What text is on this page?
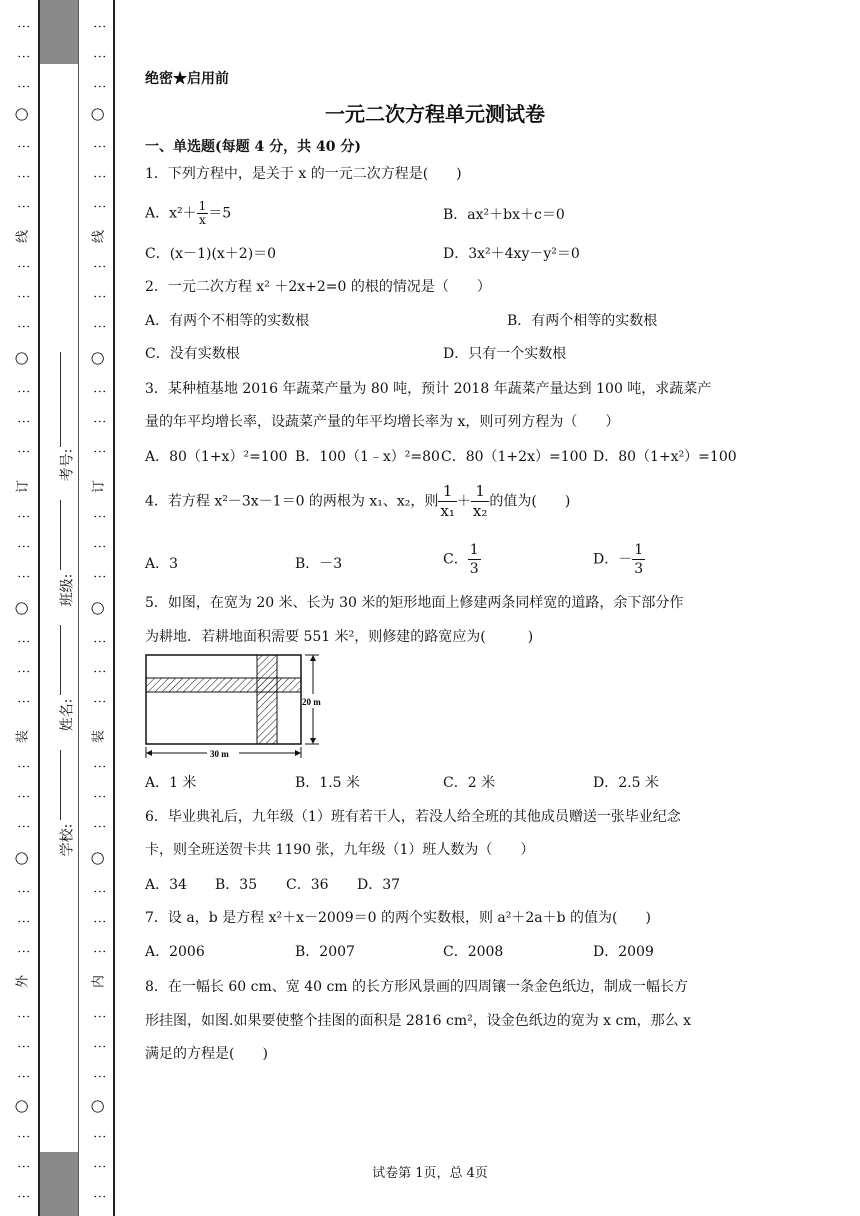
⋮
⋮
⋮
○
⋮
⋮
⋮
线
⋮
⋮
⋮
○
⋮
⋮
⋮
订
⋮
⋮
⋮
○
⋮
⋮
⋮
装
⋮
⋮
⋮
○
⋮
⋮
⋮
外
⋮
⋮
⋮
○
⋮
⋮
⋮
考号:
班级:
姓名:
学校:
⋮
⋮
⋮
○
⋮
⋮
⋮
线
⋮
⋮
⋮
○
⋮
⋮
⋮
订
⋮
⋮
⋮
○
⋮
⋮
⋮
装
⋮
⋮
⋮
○
⋮
⋮
⋮
内
⋮
⋮
⋮
○
⋮
⋮
⋮
绝密★启用前
一元二次方程单元测试卷
一、单选题(每题 4 分，共 40 分)
1．下列方程中，是关于 x 的一元二次方程是(　　)
A．$x^2+ \frac{1}{x} =5$	B．ax²＋bx＋c＝0
C．(x－1)(x＋2)＝0	D．3x²＋4xy－y²＝0
2．一元二次方程 x² ＋2x+2=0 的根的情况是（　　）
A．有两个不相等的实数根	B．有两个相等的实数根
C．没有实数根	D．只有一个实数根
3．某种植基地 2016 年蔬菜产量为 80 吨，预计 2018 年蔬菜产量达到 100 吨，求蔬菜产
量的年平均增长率，设蔬菜产量的年平均增长率为 x，则可列方程为（　　）
A．80（1+x）²=100 B．100（1﹣x）²=80 C．80（1+2x）=100 D．80（1+x²）=100
4．若方程 x²－3x－1＝0 的两根为 x₁、x₂，则 $\frac{1}{\text{x₁}} + \frac{1}{\text{x₂}}$ 的值为(　　)
A．3	B．－3	C． $\frac{1}{3}$	D．－ $\frac{1}{3}$
5．如图，在宽为 20 米、长为 30 米的矩形地面上修建两条同样宽的道路，余下部分作
为耕地．若耕地面积需要 551 米²，则修建的路宽应为(　　　)
20 m
30 m
A．1 米	B．1.5 米	C．2 米	D．2.5 米
6．毕业典礼后，九年级（1）班有若干人，若没人给全班的其他成员赠送一张毕业纪念
卡，则全班送贺卡共 1190 张，九年级（1）班人数为（　　）
A．34 B．35 C．36 D．37
7．设 a，b 是方程 x²＋x－2009＝0 的两个实数根，则 a²＋2a＋b 的值为(　　)
A．2006	B．2007	C．2008	D．2009
8．在一幅长 60 cm、宽 40 cm 的长方形风景画的四周镶一条金色纸边，制成一幅长方
形挂图，如图.如果要使整个挂图的面积是 2816 cm²，设金色纸边的宽为 x cm，那么 x
满足的方程是(　　)
试卷第 1页，总 4页
